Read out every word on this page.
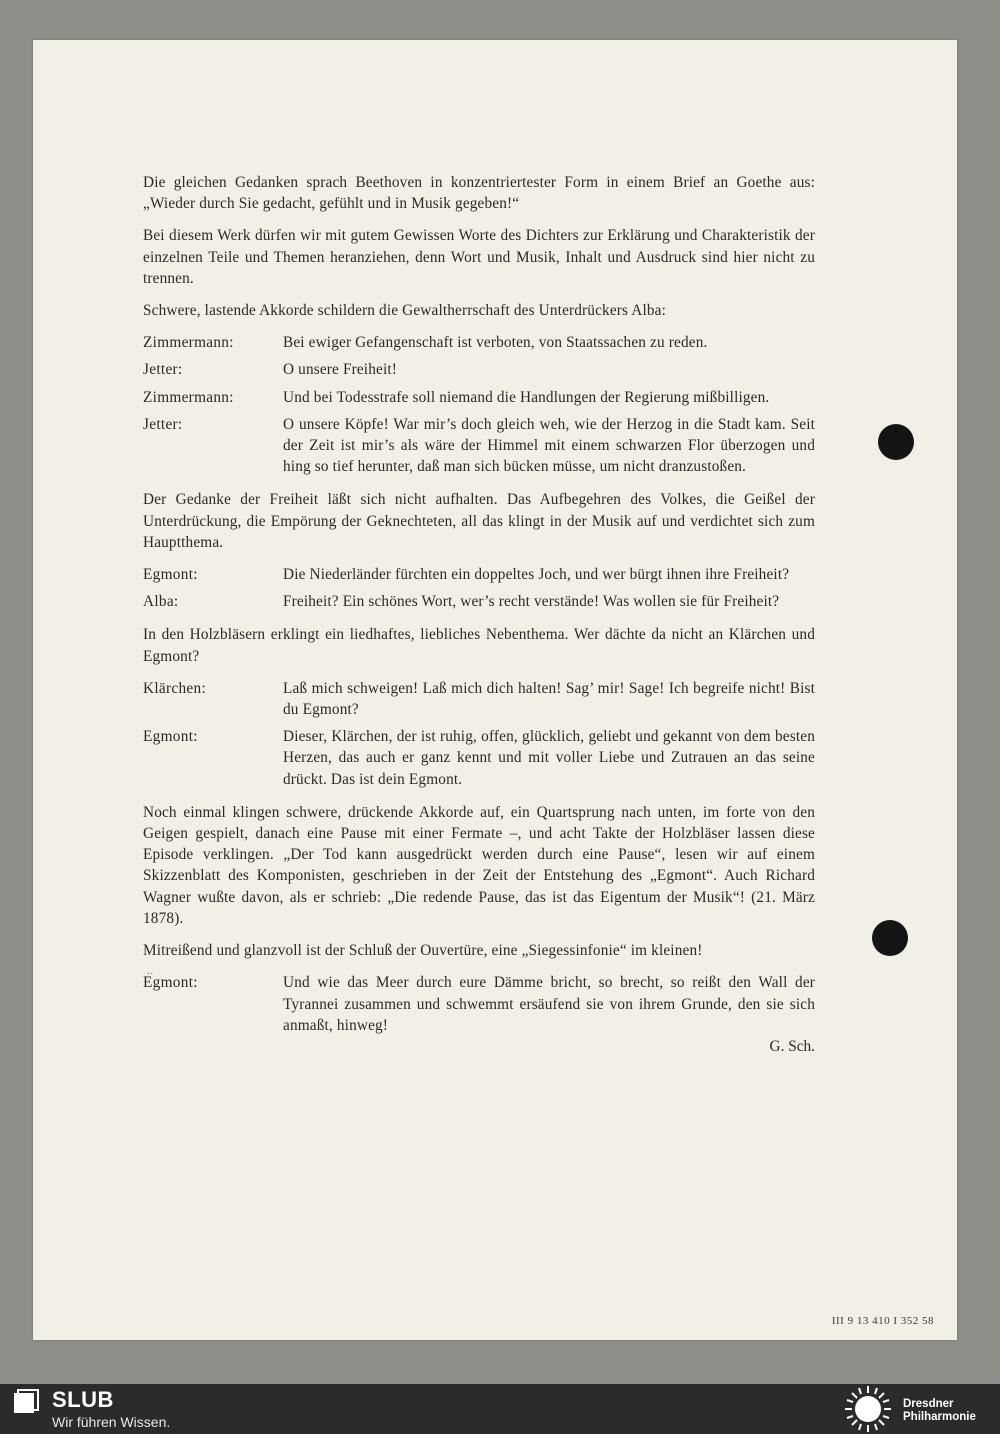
..

Die gleichen Gedanken sprach Beethoven in konzentriertester Form in einem Brief an Goethe aus: „Wieder durch Sie gedacht, gefühlt und in Musik gegeben!“

Bei diesem Werk dürfen wir mit gutem Gewissen Worte des Dichters zur Erklärung und Charakteristik der einzelnen Teile und Themen heranziehen, denn Wort und Musik, Inhalt und Ausdruck sind hier nicht zu trennen.

Schwere, lastende Akkorde schildern die Gewaltherrschaft des Unterdrückers Alba:

Zimmermann:	Bei ewiger Gefangenschaft ist verboten, von Staatssachen zu reden.
Jetter:	O unsere Freiheit!
Zimmermann:	Und bei Todesstrafe soll niemand die Handlungen der Regierung mißbilligen.
Jetter:	O unsere Köpfe! War mir’s doch gleich weh, wie der Herzog in die Stadt kam. Seit der Zeit ist mir’s als wäre der Himmel mit einem schwarzen Flor überzogen und hing so tief herunter, daß man sich bücken müsse, um nicht dranzustoßen.

Der Gedanke der Freiheit läßt sich nicht aufhalten. Das Aufbegehren des Volkes, die Geißel der Unterdrückung, die Empörung der Geknechteten, all das klingt in der Musik auf und verdichtet sich zum Hauptthema.

Egmont:	Die Niederländer fürchten ein doppeltes Joch, und wer bürgt ihnen ihre Freiheit?
Alba:	Freiheit? Ein schönes Wort, wer’s recht verstände! Was wollen sie für Freiheit?

In den Holzbläsern erklingt ein liedhaftes, liebliches Nebenthema. Wer dächte da nicht an Klärchen und Egmont?

Klärchen:	Laß mich schweigen! Laß mich dich halten! Sag’ mir! Sage! Ich begreife nicht! Bist du Egmont?
Egmont:	Dieser, Klärchen, der ist ruhig, offen, glücklich, geliebt und gekannt von dem besten Herzen, das auch er ganz kennt und mit voller Liebe und Zutrauen an das seine drückt. Das ist dein Egmont.

Noch einmal klingen schwere, drückende Akkorde auf, ein Quartsprung nach unten, im forte von den Geigen gespielt, danach eine Pause mit einer Fermate –, und acht Takte der Holzbläser lassen diese Episode verklingen. „Der Tod kann ausgedrückt werden durch eine Pause“, lesen wir auf einem Skizzenblatt des Komponisten, geschrieben in der Zeit der Entstehung des „Egmont“. Auch Richard Wagner wußte davon, als er schrieb: „Die redende Pause, das ist das Eigentum der Musik“! (21. März 1878).

Mitreißend und glanzvoll ist der Schluß der Ouvertüre, eine „Siegessinfonie“ im kleinen!

Egmont:	Und wie das Meer durch eure Dämme bricht, so brecht, so reißt den Wall der Tyrannei zusammen und schwemmt ersäufend sie von ihrem Grunde, den sie sich anmaßt, hinweg!
G. Sch.
III 9 13 410 I 352 58
SLUB
Wir führen Wissen.
Dresdner
Philharmonie
